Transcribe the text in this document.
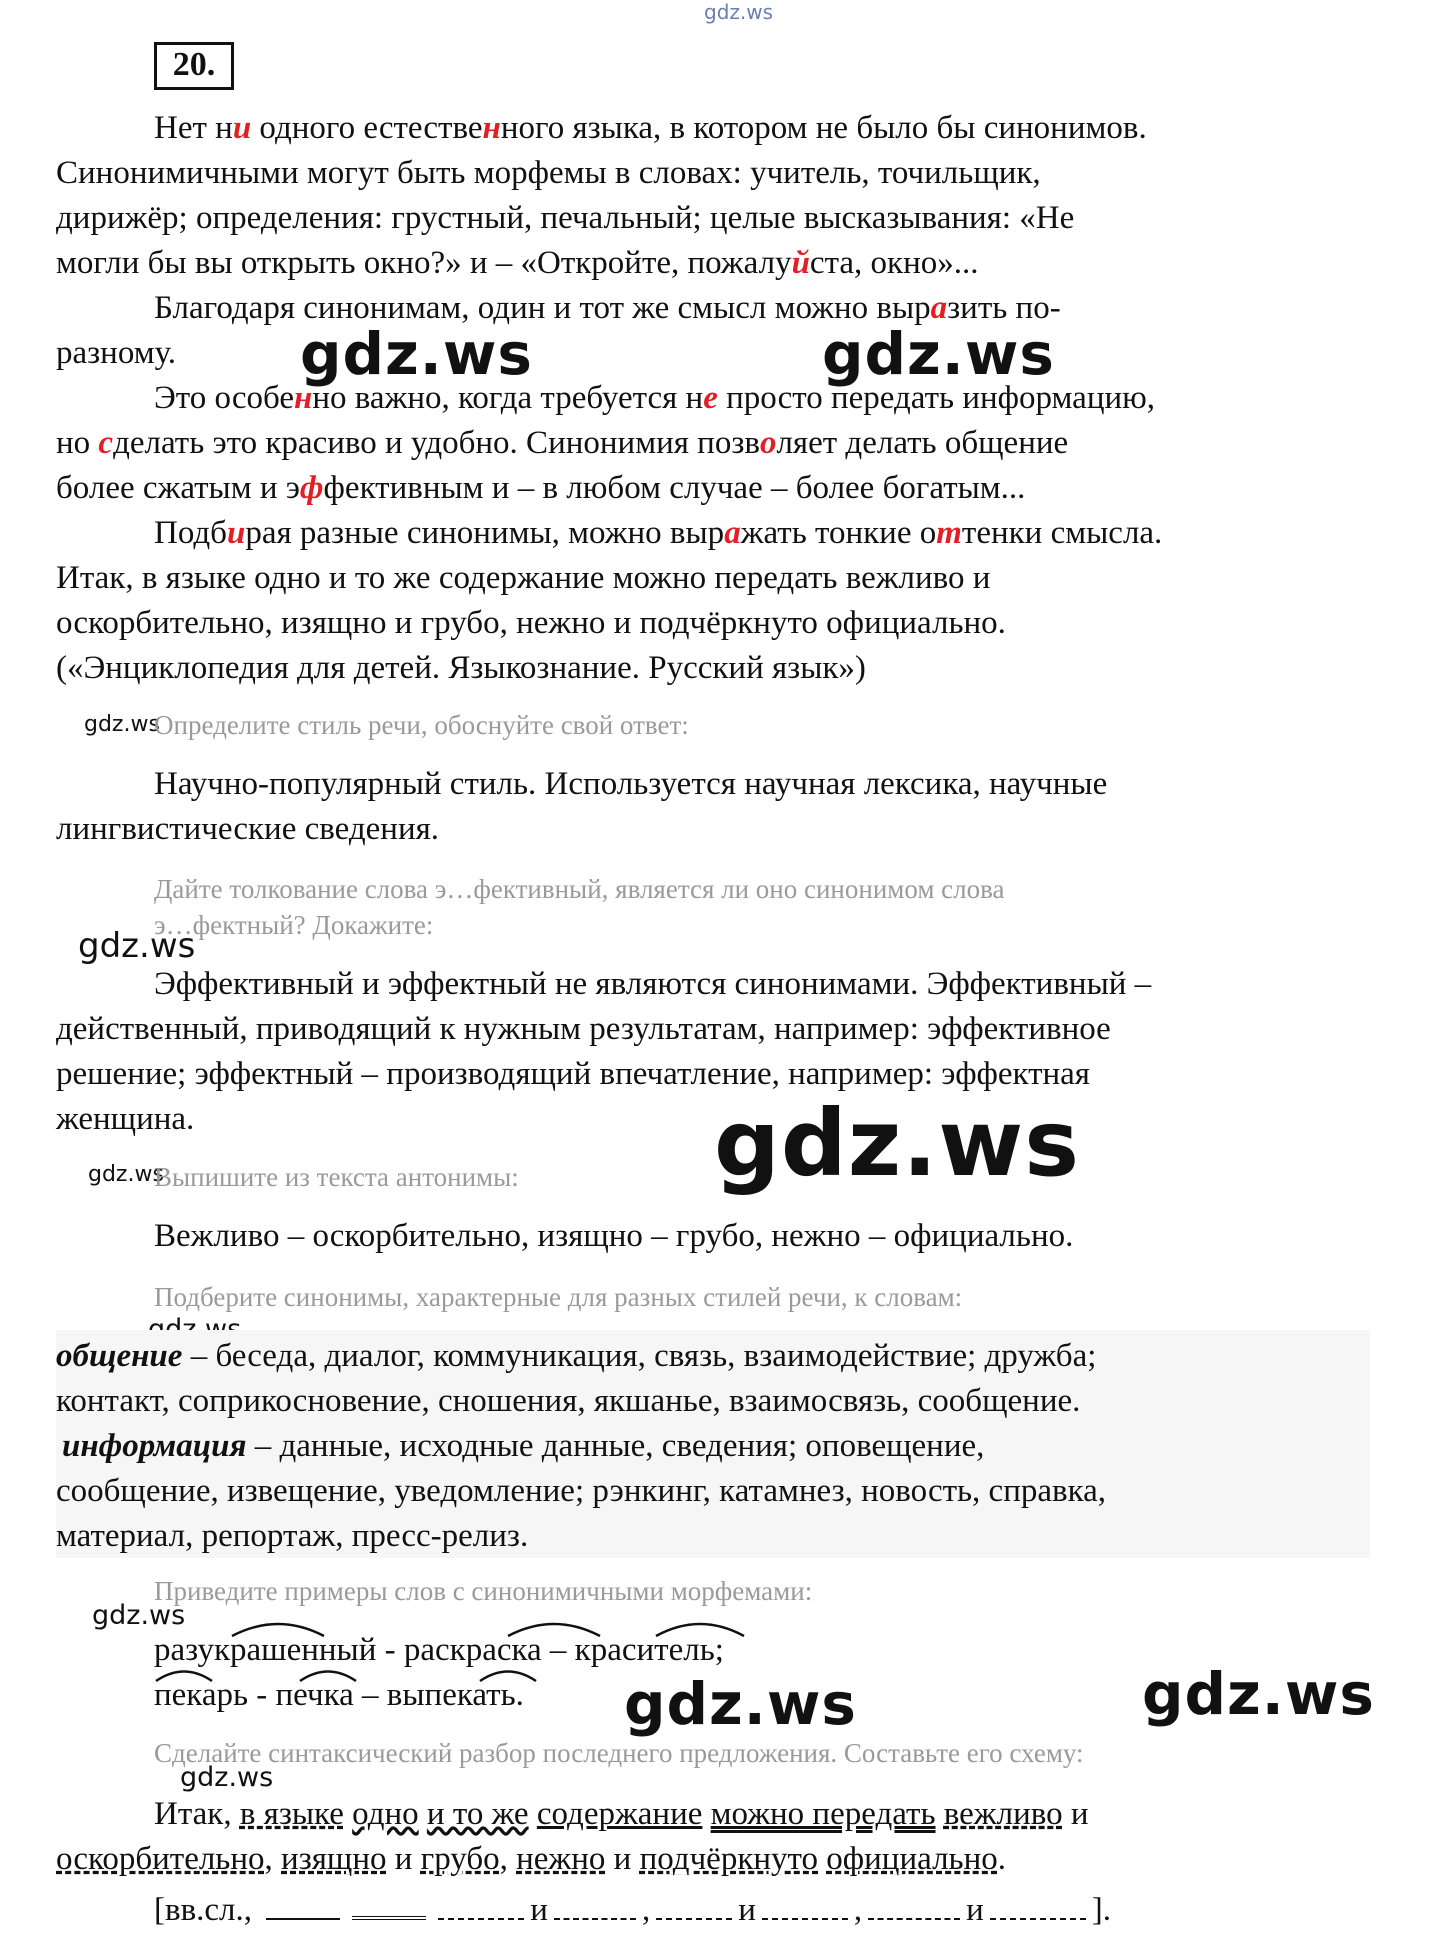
gdz.ws
20.
Нет ни одного естественного языка, в котором не было бы синонимов.
Синонимичными могут быть морфемы в словах: учитель, точильщик,
дирижёр; определения: грустный, печальный; целые высказывания: «Не
могли бы вы открыть окно?» и – «Откройте, пожалуйста, окно»...
Благодаря синонимам, один и тот же смысл можно выразить по-
разному. gdz.ws	gdz.ws
Это особенно важно, когда требуется не просто передать информацию,
но сделать это красиво и удобно. Синонимия позволяет делать общение
более сжатым и эффективным и – в любом случае – более богатым...
Подбирая разные синонимы, можно выражать тонкие оттенки смысла.
Итак, в языке одно и то же содержание можно передать вежливо и
оскорбительно, изящно и грубо, нежно и подчёркнуто официально.
(«Энциклопедия для детей. Языкознание. Русский язык»)
gdz.ws
Определите стиль речи, обоснуйте свой ответ:
Научно-популярный стиль. Используется научная лексика, научные
лингвистические сведения.
Дайте толкование слова э…фективный, является ли оно синонимом слова
э…фектный? Докажите:
gdz.ws
Эффективный и эффектный не являются синонимами. Эффективный –
действенный, приводящий к нужным результатам, например: эффективное
решение; эффектный – производящий впечатление, например: эффектная
женщина.	gdz.ws
gdz.ws
Выпишите из текста антонимы:
Вежливо – оскорбительно, изящно – грубо, нежно – официально.
Подберите синонимы, характерные для разных стилей речи, к словам:
общение – беседа, диалог, коммуникация, связь, взаимодействие; дружба;
контакт, соприкосновение, сношения, якшанье, взаимосвязь, сообщение.
информация – данные, исходные данные, сведения; оповещение,
сообщение, извещение, уведомление; рэнкинг, катамнез, новость, справка,
материал, репортаж, пресс-релиз.
Приведите примеры слов с синонимичными морфемами:
gdz.ws
разукрашенный - раскраска – краситель;
пекарь - печка – выпекать. gdz.ws	gdz.ws
Сделайте синтаксический разбор последнего предложения. Составьте его схему:
gdz.ws
Итак, в языке одно и то же содержание можно передать вежливо и
оскорбительно, изящно и грубо, нежно и подчёркнуто официально.
[вв.сл.,	и	,	и	,	и	].
